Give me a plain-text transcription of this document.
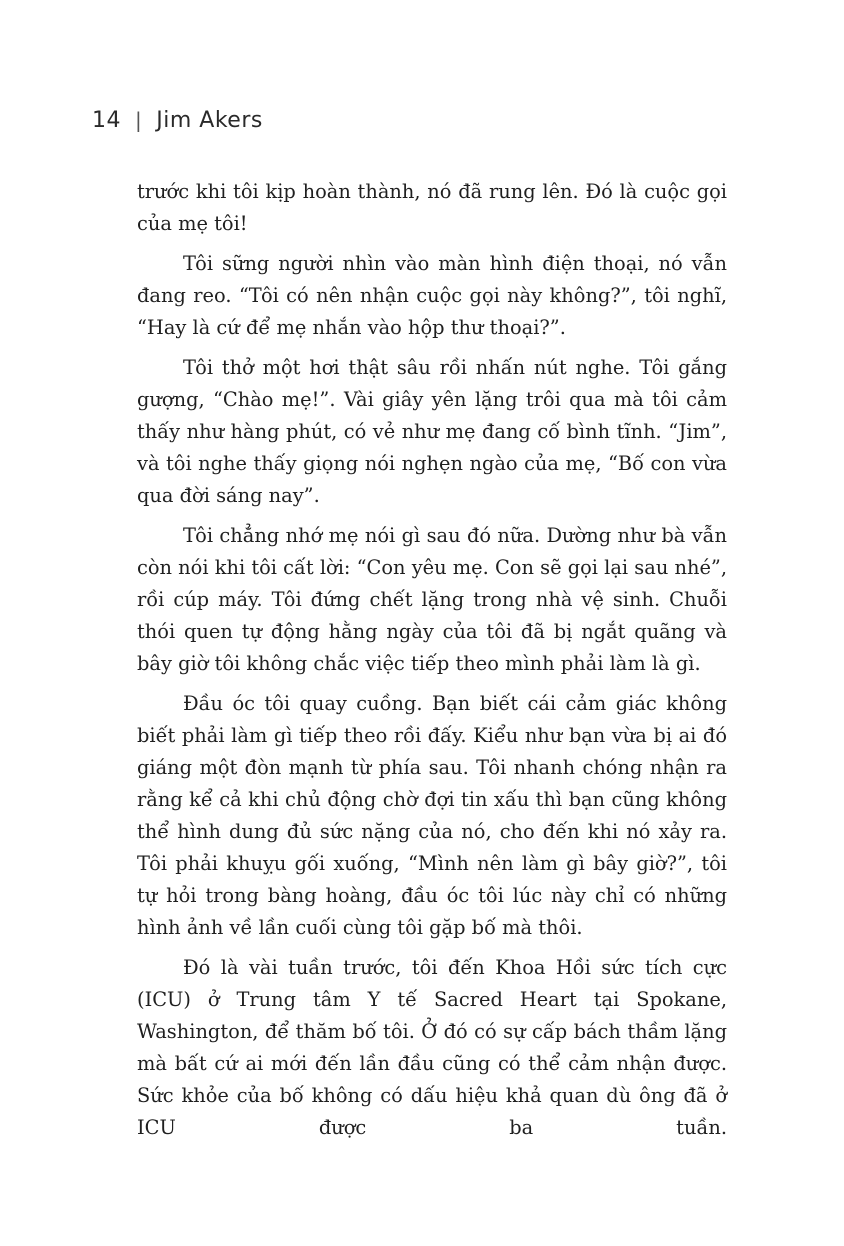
14 | Jim Akers

trước khi tôi kịp hoàn thành, nó đã rung lên. Đó là cuộc gọi của mẹ tôi!

Tôi sững người nhìn vào màn hình điện thoại, nó vẫn đang reo. “Tôi có nên nhận cuộc gọi này không?”, tôi nghĩ, “Hay là cứ để mẹ nhắn vào hộp thư thoại?”.

Tôi thở một hơi thật sâu rồi nhấn nút nghe. Tôi gắng gượng, “Chào mẹ!”. Vài giây yên lặng trôi qua mà tôi cảm thấy như hàng phút, có vẻ như mẹ đang cố bình tĩnh. “Jim”, và tôi nghe thấy giọng nói nghẹn ngào của mẹ, “Bố con vừa qua đời sáng nay”.

Tôi chẳng nhớ mẹ nói gì sau đó nữa. Dường như bà vẫn còn nói khi tôi cất lời: “Con yêu mẹ. Con sẽ gọi lại sau nhé”, rồi cúp máy. Tôi đứng chết lặng trong nhà vệ sinh. Chuỗi thói quen tự động hằng ngày của tôi đã bị ngắt quãng và bây giờ tôi không chắc việc tiếp theo mình phải làm là gì.

Đầu óc tôi quay cuồng. Bạn biết cái cảm giác không biết phải làm gì tiếp theo rồi đấy. Kiểu như bạn vừa bị ai đó giáng một đòn mạnh từ phía sau. Tôi nhanh chóng nhận ra rằng kể cả khi chủ động chờ đợi tin xấu thì bạn cũng không thể hình dung đủ sức nặng của nó, cho đến khi nó xảy ra. Tôi phải khuỵu gối xuống, “Mình nên làm gì bây giờ?”, tôi tự hỏi trong bàng hoàng, đầu óc tôi lúc này chỉ có những hình ảnh về lần cuối cùng tôi gặp bố mà thôi.

Đó là vài tuần trước, tôi đến Khoa Hồi sức tích cực (ICU) ở Trung tâm Y tế Sacred Heart tại Spokane, Washington, để thăm bố tôi. Ở đó có sự cấp bách thầm lặng mà bất cứ ai mới đến lần đầu cũng có thể cảm nhận được. Sức khỏe của bố không có dấu hiệu khả quan dù ông đã ở ICU được ba tuần.
